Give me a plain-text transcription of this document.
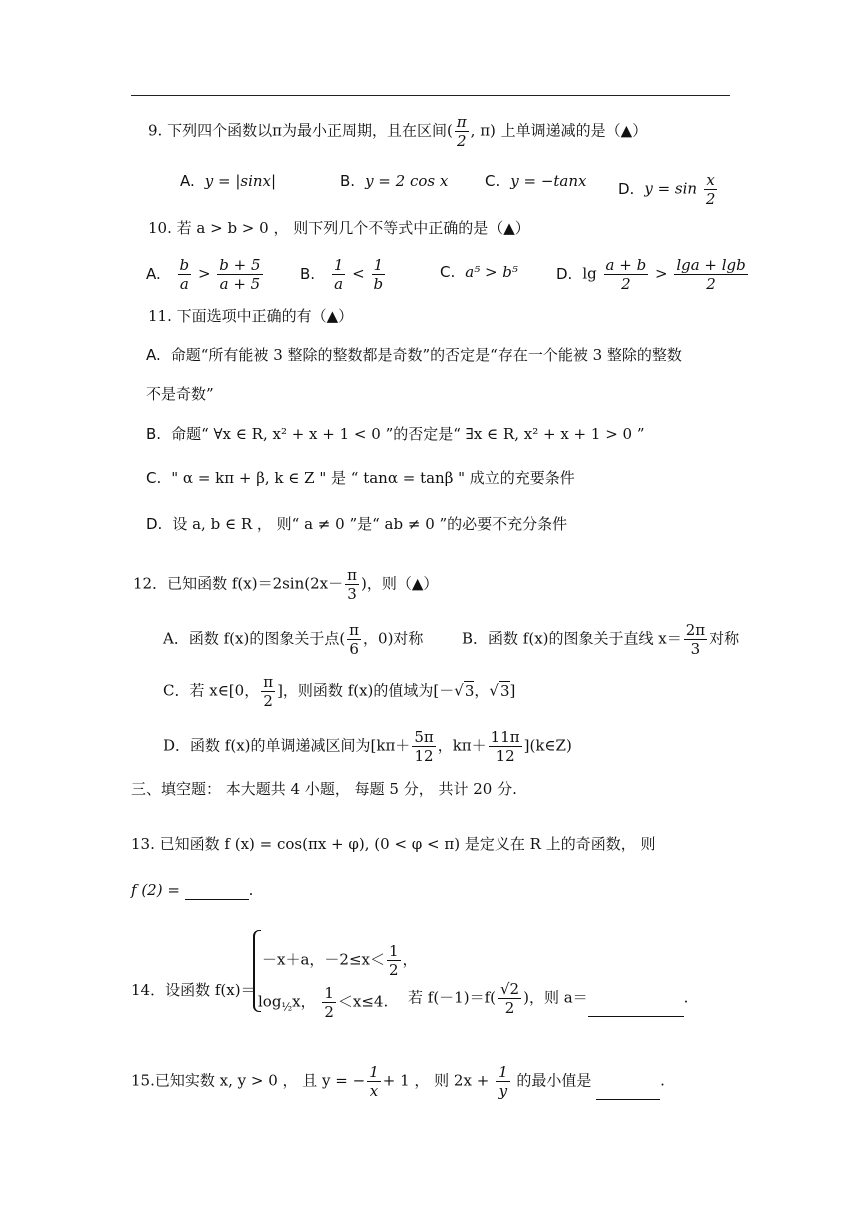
9. 下列四个函数以π为最小正周期，且在区间( $\frac{\pi}{2}$ , π) 上单调递减的是（▲）
A. y = |sinx|	B. y = 2 cos x C. y = −tanx D. $y = \sin \frac{x}{2}$
10. 若 a > b > 0 ， 则下列几个不等式中正确的是（▲）
A. $\frac{b}{a} > \frac{b + 5}{a + 5} B$. $\frac{1}{a} < \frac{1}{b}$	C. a⁵ > b⁵	D. $\lg \frac{a + b}{2} > \frac{\lg a + \lg b}{2}$
11. 下面选项中正确的有（▲）
A. 命题“所有能被 3 整除的整数都是奇数”的否定是“存在一个能被 3 整除的整数
不是奇数”
B. 命题“ ∀x ∈ R, x² + x + 1 < 0 ”的否定是“ ∃x ∈ R, x² + x + 1 > 0 ”
C. " α = kπ + β, k ∈ Z " 是 “ tanα = tanβ " 成立的充要条件
D. 设 a, b ∈ R ， 则“ a ≠ 0 ”是“ ab ≠ 0 ”的必要不充分条件
12．已知函数 $f(x)=2\sin(2x- \frac{\pi}{3}$ )，则（▲）
A．函数 f(x)的图象关于点( $\frac{\pi}{6}$ ，0)对称	B．函数 f(x)的图象关于直线 $x= \frac{2\pi}{3}$ 对称
C．若 x∈[0， $\frac{\pi}{2}$ ]，则函数 f(x)的值域为[－√3，√3]
D．函数 f(x)的单调递减区间为[$k\pi+ \frac{5\pi}{12}$ ，$k\pi+ \frac{11\pi}{12}$ ](k∈Z)
三、填空题： 本大题共 4 小题， 每题 5 分， 共计 20 分.
13. 已知函数 f (x) = cos(πx + φ), (0 < φ < π) 是定义在 R 上的奇函数， 则
f (2) =	.
14．设函数 f(x)＝
－x＋a，$-2\le x< \frac{1}{2}$ ，
$\log_{\frac{1}{2}}x$， $\frac{1}{2} <x\le 4$. 若 $f(-1)=f( \frac{√2}{2}$ )，则 a＝	.
15.已知实数 x, y > 0 ， 且 y = − $\frac{1}{x} + 1$ ， 则 $2x + \frac{1}{y}$ 的最小值是	.
